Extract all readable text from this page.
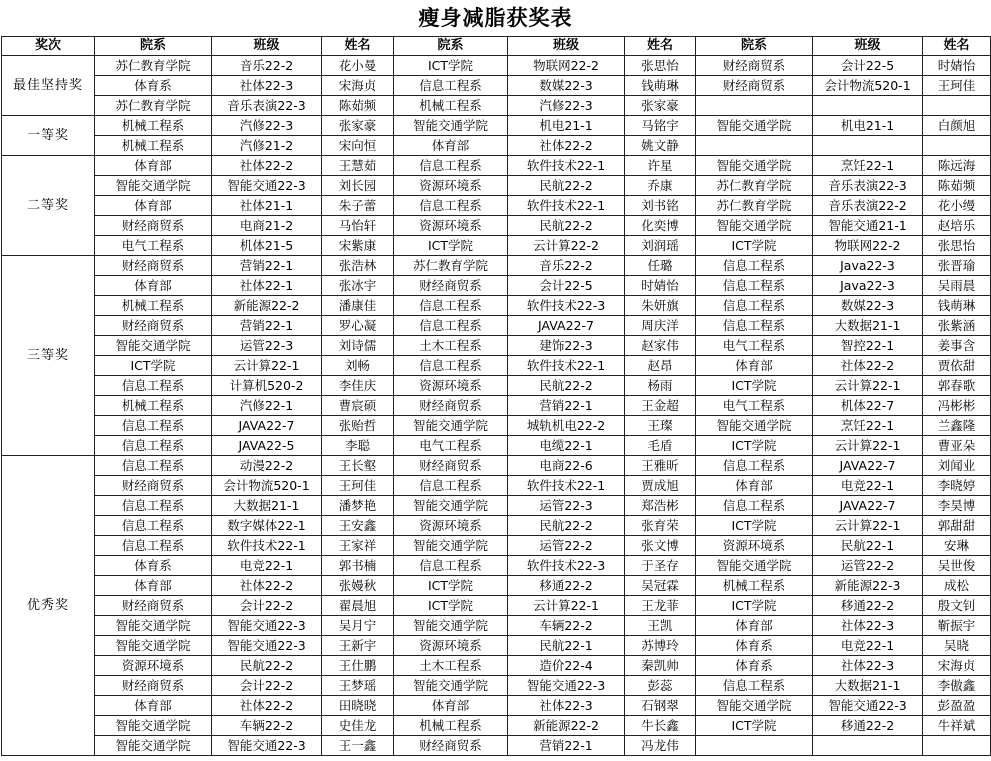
瘦身减脂获奖表
奖次	院系	班级	姓名	院系	班级	姓名	院系	班级	姓名
最佳坚持奖	苏仁教育学院	音乐22-2	花小曼	ICT学院	物联网22-2	张思怡	财经商贸系	会计22-5	时婧怡
	体育系	社体22-3	宋海贞	信息工程系	数媒22-3	钱萌琳	财经商贸系	会计物流520-1	王珂佳
	苏仁教育学院	音乐表演22-3	陈茹频	机械工程系	汽修22-3	张家豪			
一等奖	机械工程系	汽修22-3	张家豪	智能交通学院	机电21-1	马铭宇	智能交通学院	机电21-1	白颜旭
	机械工程系	汽修21-2	宋向恒	体育部	社体22-2	姚文静			
二等奖	体育部	社体22-2	王慧茹	信息工程系	软件技术22-1	许星	智能交通学院	烹饪22-1	陈远海
	智能交通学院	智能交通22-3	刘长园	资源环境系	民航22-2	乔康	苏仁教育学院	音乐表演22-3	陈茹频
	体育部	社体21-1	朱子蕾	信息工程系	软件技术22-1	刘书铭	苏仁教育学院	音乐表演22-2	花小缦
	财经商贸系	电商21-2	马怡轩	资源环境系	民航22-2	化奕博	智能交通学院	智能交通21-1	赵培乐
	电气工程系	机体21-5	宋紫康	ICT学院	云计算22-2	刘润瑶	ICT学院	物联网22-2	张思怡
三等奖	财经商贸系	营销22-1	张浩林	苏仁教育学院	音乐22-2	任璐	信息工程系	Java22-3	张晋瑜
	体育部	社体22-1	张冰宇	财经商贸系	会计22-5	时婧怡	信息工程系	Java22-3	吴雨晨
	机械工程系	新能源22-2	潘康佳	信息工程系	软件技术22-3	朱妍旗	信息工程系	数媒22-3	钱萌琳
	财经商贸系	营销22-1	罗心凝	信息工程系	JAVA22-7	周庆洋	信息工程系	大数据21-1	张紫涵
	智能交通学院	运管22-3	刘诗儒	土木工程系	建饰22-3	赵家伟	电气工程系	智控22-1	姜事含
	ICT学院	云计算22-1	刘畅	信息工程系	软件技术22-1	赵昂	体育部	社体22-2	贾依甜
	信息工程系	计算机520-2	李佳庆	资源环境系	民航22-2	杨雨	ICT学院	云计算22-1	郭春歌
	机械工程系	汽修22-1	曹宸硕	财经商贸系	营销22-1	王金超	电气工程系	机体22-7	冯彬彬
	信息工程系	JAVA22-7	张贻哲	智能交通学院	城轨机电22-2	王璨	智能交通学院	烹饪22-1	兰鑫隆
	信息工程系	JAVA22-5	李聪	电气工程系	电缆22-1	毛盾	ICT学院	云计算22-1	曹亚朵
优秀奖	信息工程系	动漫22-2	王长壑	财经商贸系	电商22-6	王雅昕	信息工程系	JAVA22-7	刘闻业
	财经商贸系	会计物流520-1	王珂佳	信息工程系	软件技术22-1	贾成旭	体育部	电竞22-1	李晓婷
	信息工程系	大数据21-1	潘梦艳	智能交通学院	运管22-3	郑浩彬	信息工程系	JAVA22-7	李昊博
	信息工程系	数字媒体22-1	王安鑫	资源环境系	民航22-2	张育荣	ICT学院	云计算22-1	郭甜甜
	信息工程系	软件技术22-1	王家祥	智能交通学院	运管22-2	张文博	资源环境系	民航22-1	安琳
	体育系	电竞22-1	郭书楠	信息工程系	软件技术22-3	于圣存	智能交通学院	运管22-2	吴世俊
	体育部	社体22-2	张嫚秋	ICT学院	移通22-2	吴冠霖	机械工程系	新能源22-3	成松
	财经商贸系	会计22-2	翟晨旭	ICT学院	云计算22-1	王龙菲	ICT学院	移通22-2	殷文钊
	智能交通学院	智能交通22-3	吴月宁	智能交通学院	车辆22-2	王凯	体育部	社体22-3	靳振宇
	智能交通学院	智能交通22-3	王新宇	资源环境系	民航22-1	苏博玲	体育系	电竞22-1	吴晓
	资源环境系	民航22-2	王仕鹏	土木工程系	造价22-4	秦凯帅	体育系	社体22-3	宋海贞
	财经商贸系	会计22-2	王梦瑶	智能交通学院	智能交通22-3	彭蕊	信息工程系	大数据21-1	李傲鑫
	体育部	社体22-2	田晓晓	体育部	社体22-3	石钢翠	智能交通学院	智能交通22-3	彭盈盈
	智能交通学院	车辆22-2	史佳龙	机械工程系	新能源22-2	牛长鑫	ICT学院	移通22-2	牛祥斌
	智能交通学院	智能交通22-3	王一鑫	财经商贸系	营销22-1	冯龙伟			
